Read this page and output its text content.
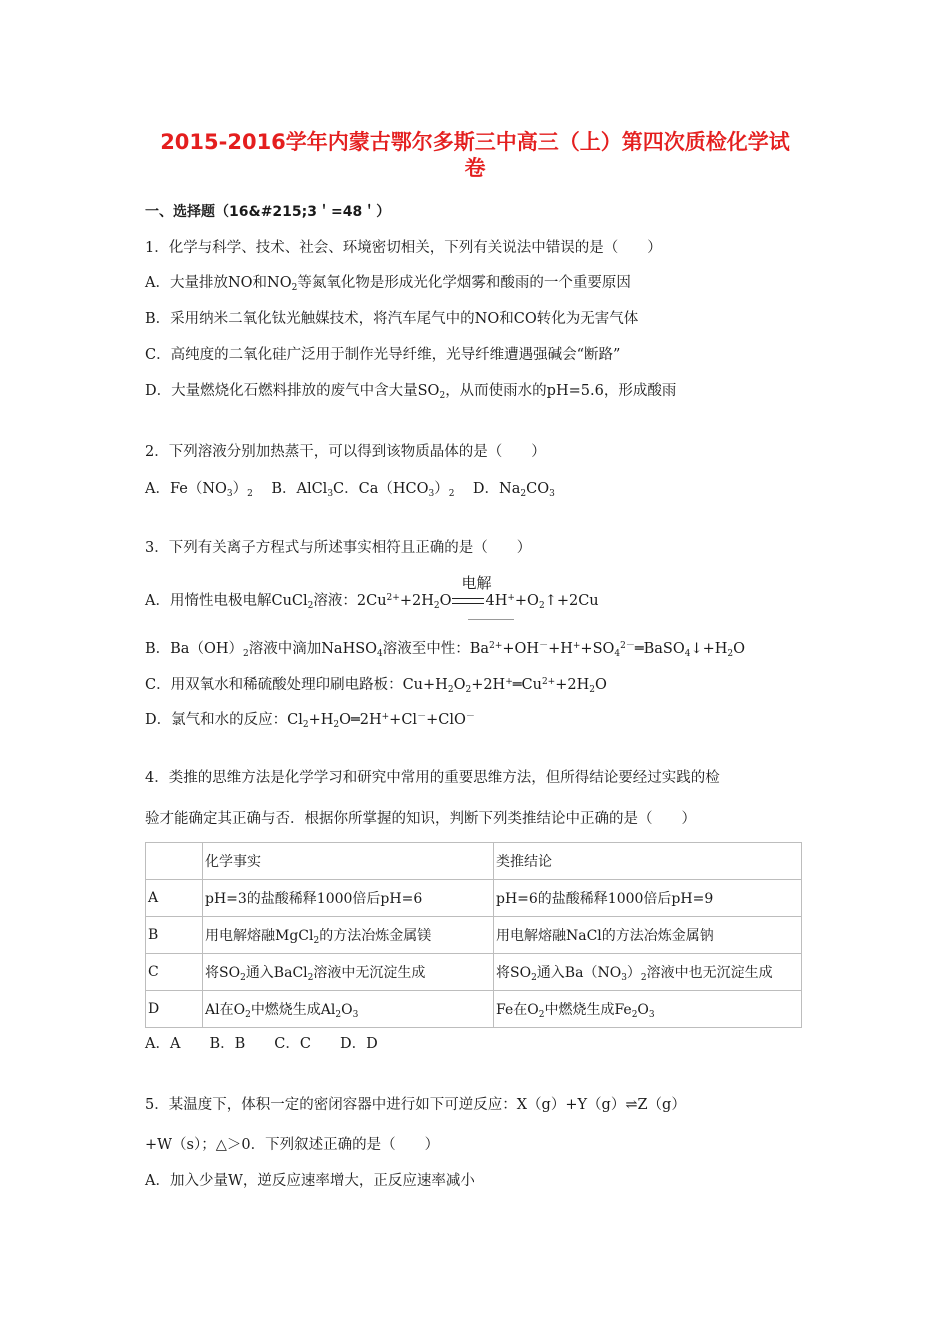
2015-2016学年内蒙古鄂尔多斯三中高三（上）第四次质检化学试
卷
一、选择题（16&#215;3＇=48＇）
1．化学与科学、技术、社会、环境密切相关，下列有关说法中错误的是（　　）
A．大量排放NO和$NO_2$等氮氧化物是形成光化学烟雾和酸雨的一个重要原因
B．采用纳米二氧化钛光触媒技术，将汽车尾气中的NO和CO转化为无害气体
C．高纯度的二氧化硅广泛用于制作光导纤维，光导纤维遭遇强碱会“断路”
D．大量燃烧化石燃料排放的废气中含大量$SO_2$，从而使雨水的pH=5.6，形成酸雨
2．下列溶液分别加热蒸干，可以得到该物质晶体的是（　　）
A．$Fe(NO_3)_2$ B．AlCl$_3$C．$Ca(HCO_3)_2$ D．$Na_2CO_3$
3．下列有关离子方程式与所述事实相符且正确的是（　　）
A．用惰性电极电解CuCl$_2$溶液：$2Cu^{2+}+2H_2O$
电解
$4H^++O_2↑+2Cu$
B．$Ba(OH)_2$溶液中滴加NaHSO$_4$溶液至中性：$Ba^{2+}+OH^-+H^++SO_4^{2-}═BaSO_4↓+H_2O$
C．用双氧水和稀硫酸处理印刷电路板：$Cu+H_2O_2+2H^+═Cu^{2+}+2H_2O$
D．氯气和水的反应：$Cl_2+H_2O═2H^++Cl^-+ClO^-$
4．类推的思维方法是化学学习和研究中常用的重要思维方法，但所得结论要经过实践的检
验才能确定其正确与否．根据你所掌握的知识，判断下列类推结论中正确的是（　　）
	化学事实	类推结论
A	pH=3的盐酸稀释1000倍后pH=6	pH=6的盐酸稀释1000倍后pH=9
B	用电解熔融MgCl$_2$的方法冶炼金属镁	用电解熔融NaCl的方法冶炼金属钠
C	将$SO_2$通入BaCl$_2$溶液中无沉淀生成	将$SO_2$通入$Ba(NO_3)_2$溶液中也无沉淀生成
D	Al在$O_2$中燃烧生成$Al_2O_3$	Fe在$O_2$中燃烧生成$Fe_2O_3$
A．A　　B．B　　C．C　　D．D
5．某温度下，体积一定的密闭容器中进行如下可逆反应：X（g）+Y（g）⇌Z（g）
+W（s）；△＞0．下列叙述正确的是（　　）
A．加入少量W，逆反应速率增大，正反应速率减小
